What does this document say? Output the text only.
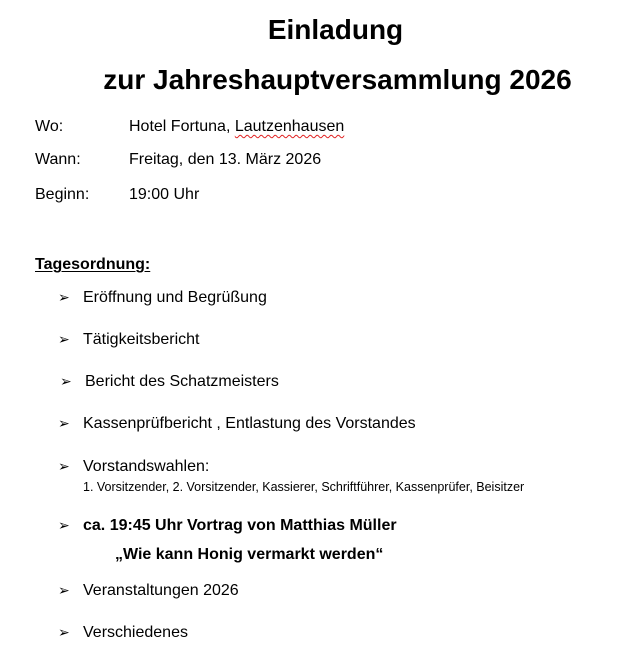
Einladung
zur Jahreshauptversammlung 2026
Wo:	Hotel Fortuna, Lautzenhausen
Wann:	Freitag, den 13. März 2026
Beginn: 19:00 Uhr
Tagesordnung:
➢ Eröffnung und Begrüßung
➢ Tätigkeitsbericht
➢ Bericht des Schatzmeisters
➢ Kassenprüfbericht , Entlastung des Vorstandes
➢ Vorstandswahlen:
1. Vorsitzender, 2. Vorsitzender, Kassierer, Schriftführer, Kassenprüfer, Beisitzer
➢ ca. 19:45 Uhr Vortrag von Matthias Müller
„Wie kann Honig vermarkt werden“
➢ Veranstaltungen 2026
➢ Verschiedenes
